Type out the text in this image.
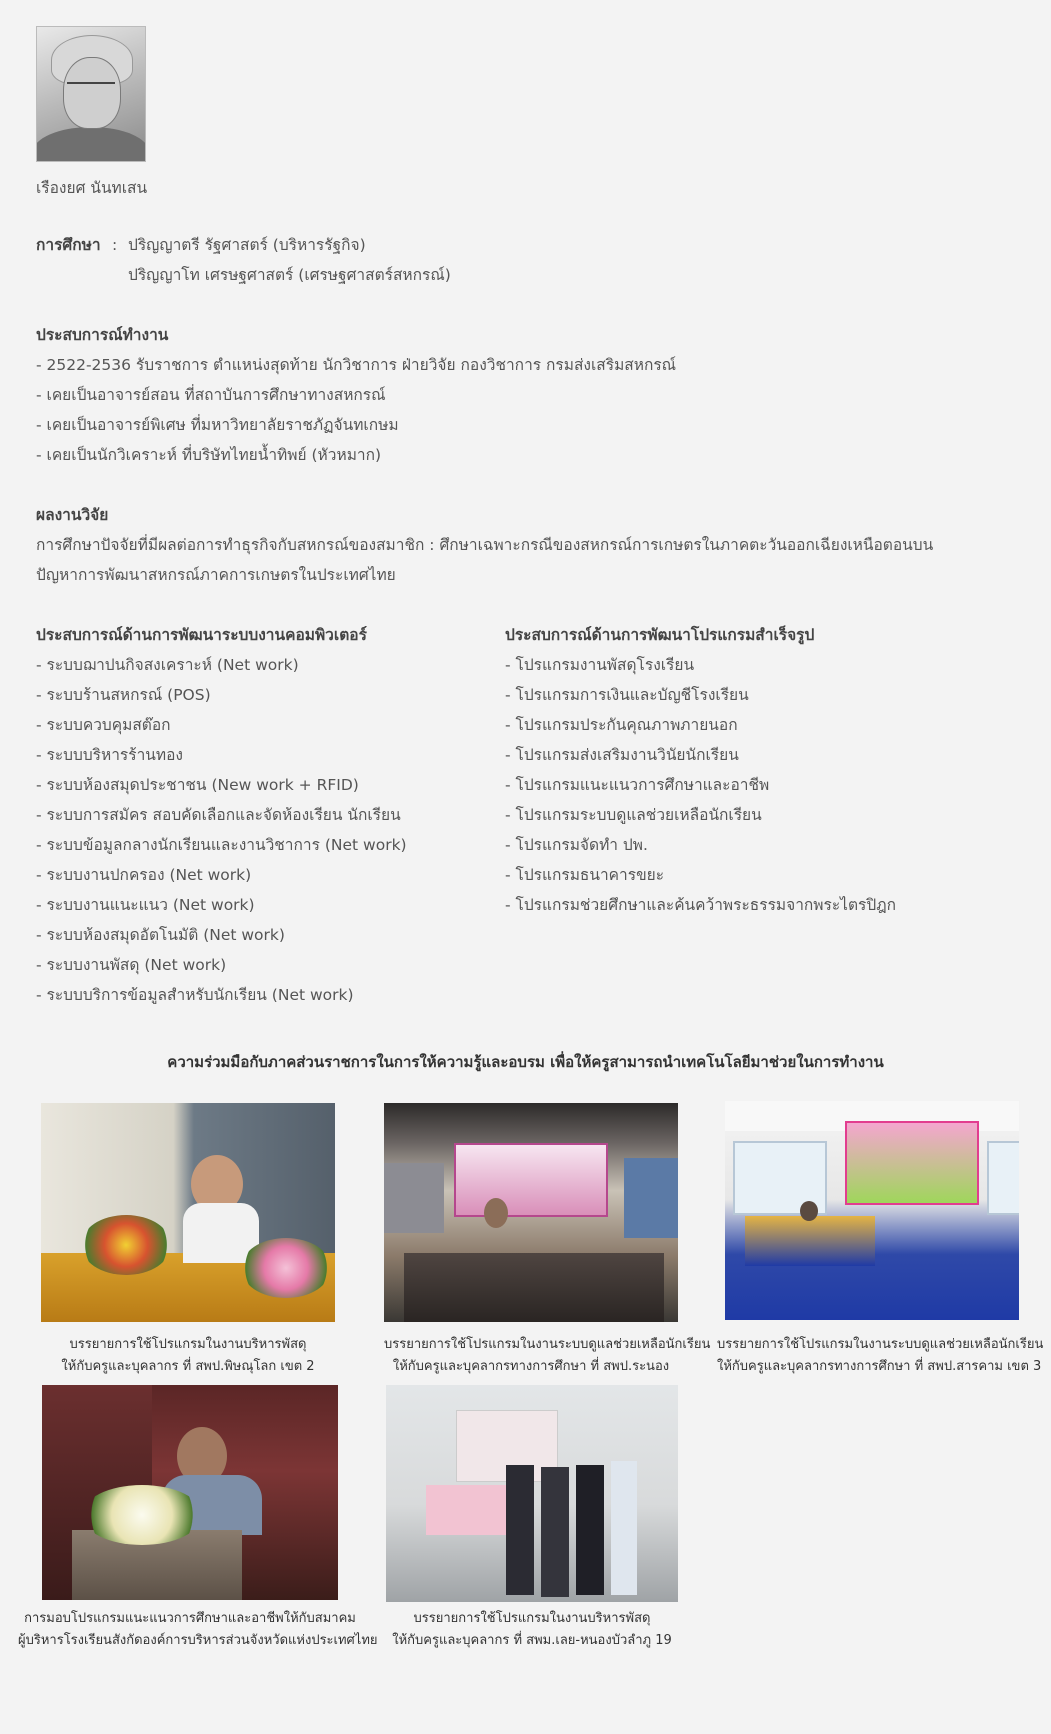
เรืองยศ นันทเสน
การศึกษา : ปริญญาตรี รัฐศาสตร์ (บริหารรัฐกิจ)
ปริญญาโท เศรษฐศาสตร์ (เศรษฐศาสตร์สหกรณ์)
ประสบการณ์ทำงาน
- 2522-2536 รับราชการ ตำแหน่งสุดท้าย นักวิชาการ ฝ่ายวิจัย กองวิชาการ กรมส่งเสริมสหกรณ์
- เคยเป็นอาจารย์สอน ที่สถาบันการศึกษาทางสหกรณ์
- เคยเป็นอาจารย์พิเศษ ที่มหาวิทยาลัยราชภัฏจันทเกษม
- เคยเป็นนักวิเคราะห์ ที่บริษัทไทยน้ำทิพย์ (หัวหมาก)
ผลงานวิจัย
การศึกษาปัจจัยที่มีผลต่อการทำธุรกิจกับสหกรณ์ของสมาชิก : ศึกษาเฉพาะกรณีของสหกรณ์การเกษตรในภาคตะวันออกเฉียงเหนือตอนบน
ปัญหาการพัฒนาสหกรณ์ภาคการเกษตรในประเทศไทย
ประสบการณ์ด้านการพัฒนาระบบงานคอมพิวเตอร์
- ระบบฌาปนกิจสงเคราะห์ (Net work)
- ระบบร้านสหกรณ์ (POS)
- ระบบควบคุมสต๊อก
- ระบบบริหารร้านทอง
- ระบบห้องสมุดประชาชน (New work + RFID)
- ระบบการสมัคร สอบคัดเลือกและจัดห้องเรียน นักเรียน
- ระบบข้อมูลกลางนักเรียนและงานวิชาการ (Net work)
- ระบบงานปกครอง (Net work)
- ระบบงานแนะแนว (Net work)
- ระบบห้องสมุดอัตโนมัติ (Net work)
- ระบบงานพัสดุ (Net work)
- ระบบบริการข้อมูลสำหรับนักเรียน (Net work)
ประสบการณ์ด้านการพัฒนาโปรแกรมสำเร็จรูป
- โปรแกรมงานพัสดุโรงเรียน
- โปรแกรมการเงินและบัญชีโรงเรียน
- โปรแกรมประกันคุณภาพภายนอก
- โปรแกรมส่งเสริมงานวินัยนักเรียน
- โปรแกรมแนะแนวการศึกษาและอาชีพ
- โปรแกรมระบบดูแลช่วยเหลือนักเรียน
- โปรแกรมจัดทำ ปพ.
- โปรแกรมธนาคารขยะ
- โปรแกรมช่วยศึกษาและค้นคว้าพระธรรมจากพระไตรปิฎก
ความร่วมมือกับภาคส่วนราชการในการให้ความรู้และอบรม เพื่อให้ครูสามารถนำเทคโนโลยีมาช่วยในการทำงาน
บรรยายการใช้โปรแกรมในงานบริหารพัสดุ
ให้กับครูและบุคลากร ที่ สพป.พิษณุโลก เขต 2
บรรยายการใช้โปรแกรมในงานระบบดูแลช่วยเหลือนักเรียน
ให้กับครูและบุคลากรทางการศึกษา ที่ สพป.ระนอง
บรรยายการใช้โปรแกรมในงานระบบดูแลช่วยเหลือนักเรียน
ให้กับครูและบุคลากรทางการศึกษา ที่ สพป.สารคาม เขต 3
การมอบโปรแกรมแนะแนวการศึกษาและอาชีพให้กับสมาคม
ผู้บริหารโรงเรียนสังกัดองค์การบริหารส่วนจังหวัดแห่งประเทศไทย
บรรยายการใช้โปรแกรมในงานบริหารพัสดุ
ให้กับครูและบุคลากร ที่ สพม.เลย-หนองบัวลำภู 19
